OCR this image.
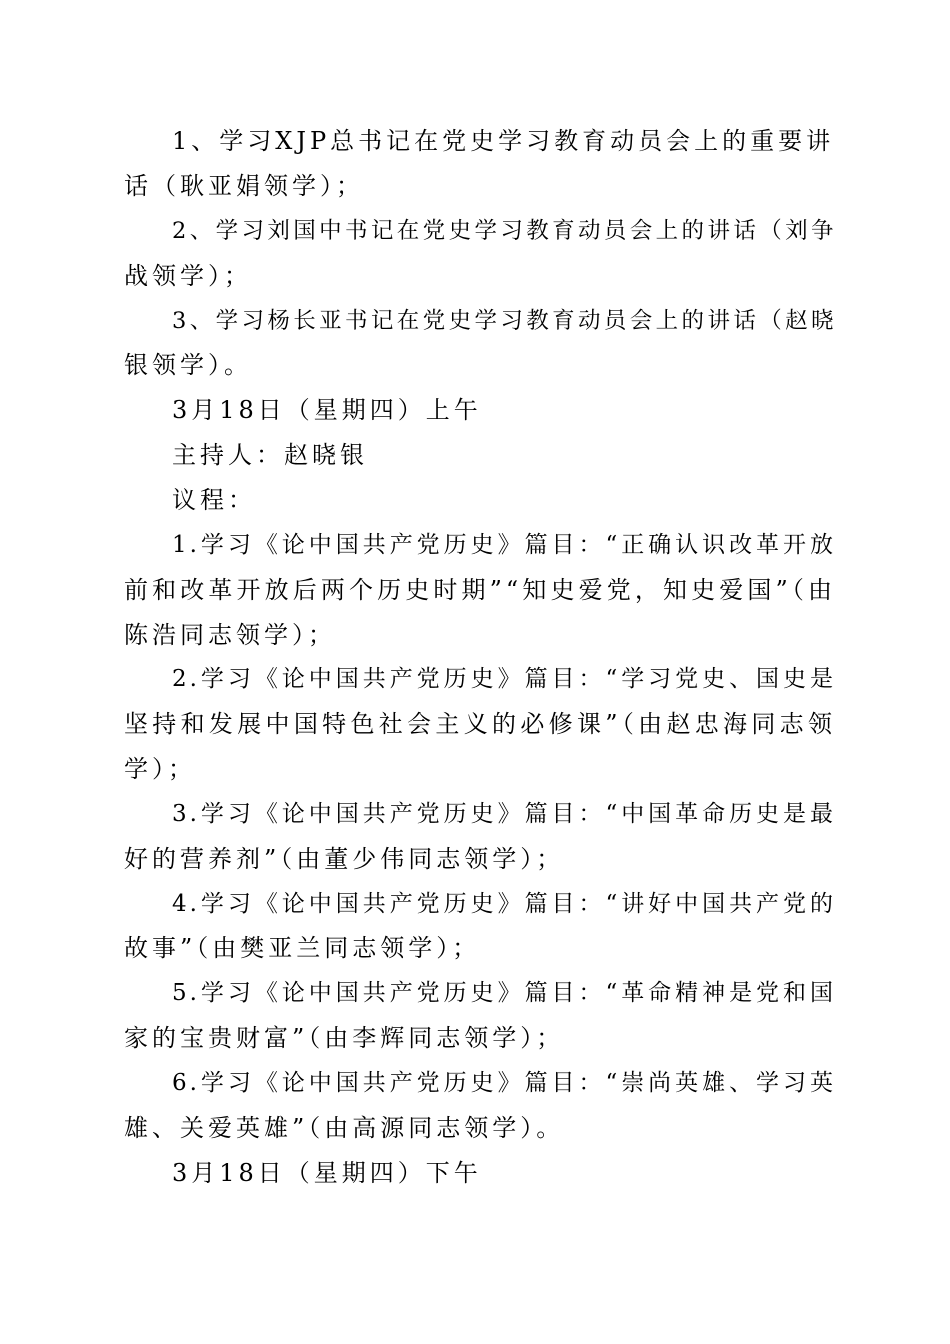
1、学习XJP总书记在党史学习教育动员会上的重要讲
话（耿亚娟领学）；
2、学习刘国中书记在党史学习教育动员会上的讲话（刘争
战领学）；
3、学习杨长亚书记在党史学习教育动员会上的讲话（赵晓
银领学）。
3月18日（星期四）上午
主持人：赵晓银
议程：
1.学习《论中国共产党历史》篇目：“正确认识改革开放
前和改革开放后两个历史时期”“知史爱党，知史爱国”（由
陈浩同志领学）；
2.学习《论中国共产党历史》篇目：“学习党史、国史是
坚持和发展中国特色社会主义的必修课”（由赵忠海同志领
学）；
3.学习《论中国共产党历史》篇目：“中国革命历史是最
好的营养剂”（由董少伟同志领学）；
4.学习《论中国共产党历史》篇目：“讲好中国共产党的
故事”（由樊亚兰同志领学）；
5.学习《论中国共产党历史》篇目：“革命精神是党和国
家的宝贵财富”（由李辉同志领学）；
6.学习《论中国共产党历史》篇目：“崇尚英雄、学习英
雄、关爱英雄”（由高源同志领学）。
3月18日（星期四）下午
